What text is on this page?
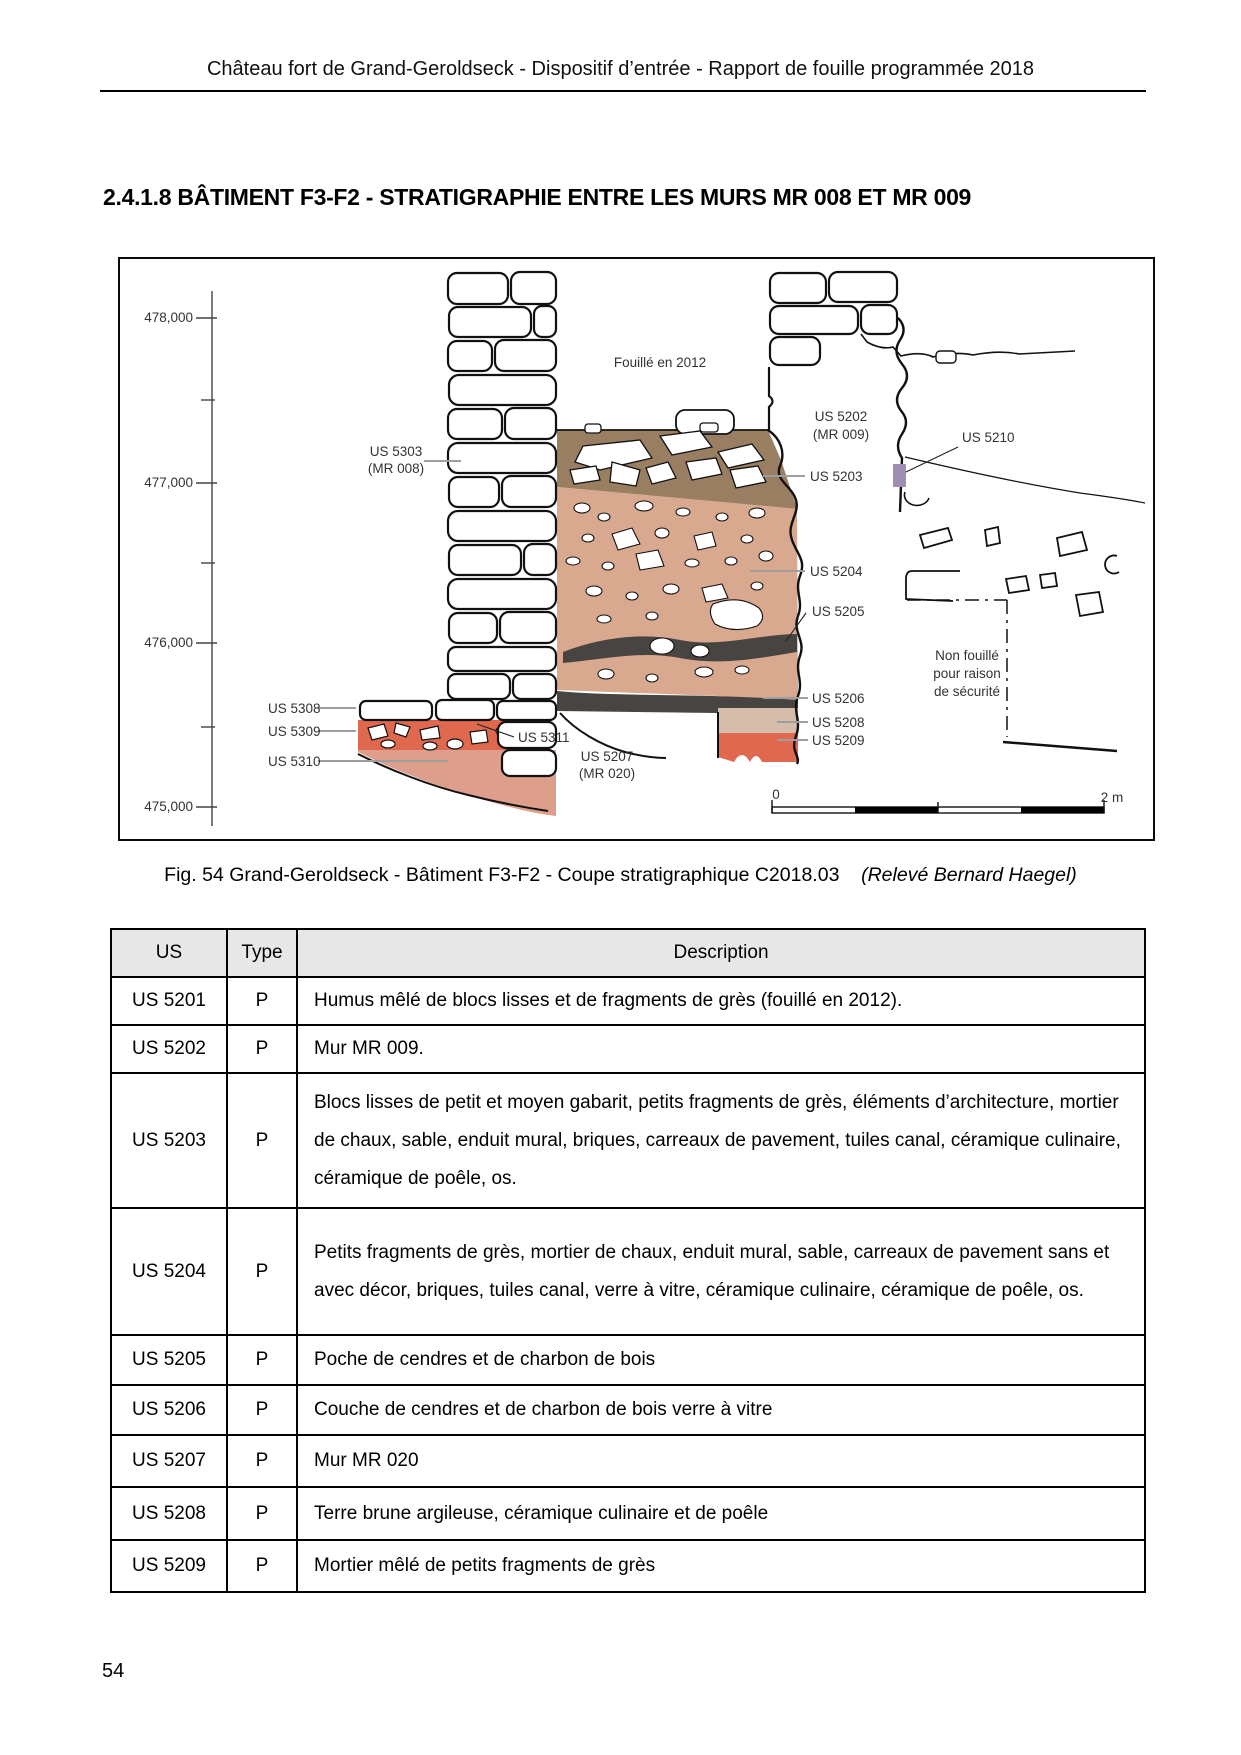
Château fort de Grand-Geroldseck - Dispositif d’entrée - Rapport de fouille programmée 2018
2.4.1.8 BÂTIMENT F3-F2 - STRATIGRAPHIE ENTRE LES MURS MR 008 ET MR 009
478,000
477,000
476,000
475,000
Fouillé en 2012
US 5303
(MR 008)
US 5202
(MR 009)	US 5210
US 5203
US 5204
US 5205
US 5206
US 5208
US 5209
Non fouillé
pour raison
de sécurité
US 5308
US 5309
US 5310
US 5311
US 5207
(MR 020)
0	2 m
Fig. 54 Grand-Geroldseck - Bâtiment F3-F2 - Coupe stratigraphique C2018.03 (Relevé Bernard Haegel)
US	Type	Description
US 5201	P	Humus mêlé de blocs lisses et de fragments de grès (fouillé en 2012).
US 5202	P	Mur MR 009.
US 5203	P	Blocs lisses de petit et moyen gabarit, petits fragments de grès, éléments d’architecture, mortier de chaux, sable, enduit mural, briques, carreaux de pavement, tuiles canal, céramique culinaire, céramique de poêle, os.
US 5204	P	Petits fragments de grès, mortier de chaux, enduit mural, sable, carreaux de pavement sans et avec décor, briques, tuiles canal, verre à vitre, céramique culinaire, céramique de poêle, os.
US 5205	P	Poche de cendres et de charbon de bois
US 5206	P	Couche de cendres et de charbon de bois verre à vitre
US 5207	P	Mur MR 020
US 5208	P	Terre brune argileuse, céramique culinaire et de poêle
US 5209	P	Mortier mêlé de petits fragments de grès
54
